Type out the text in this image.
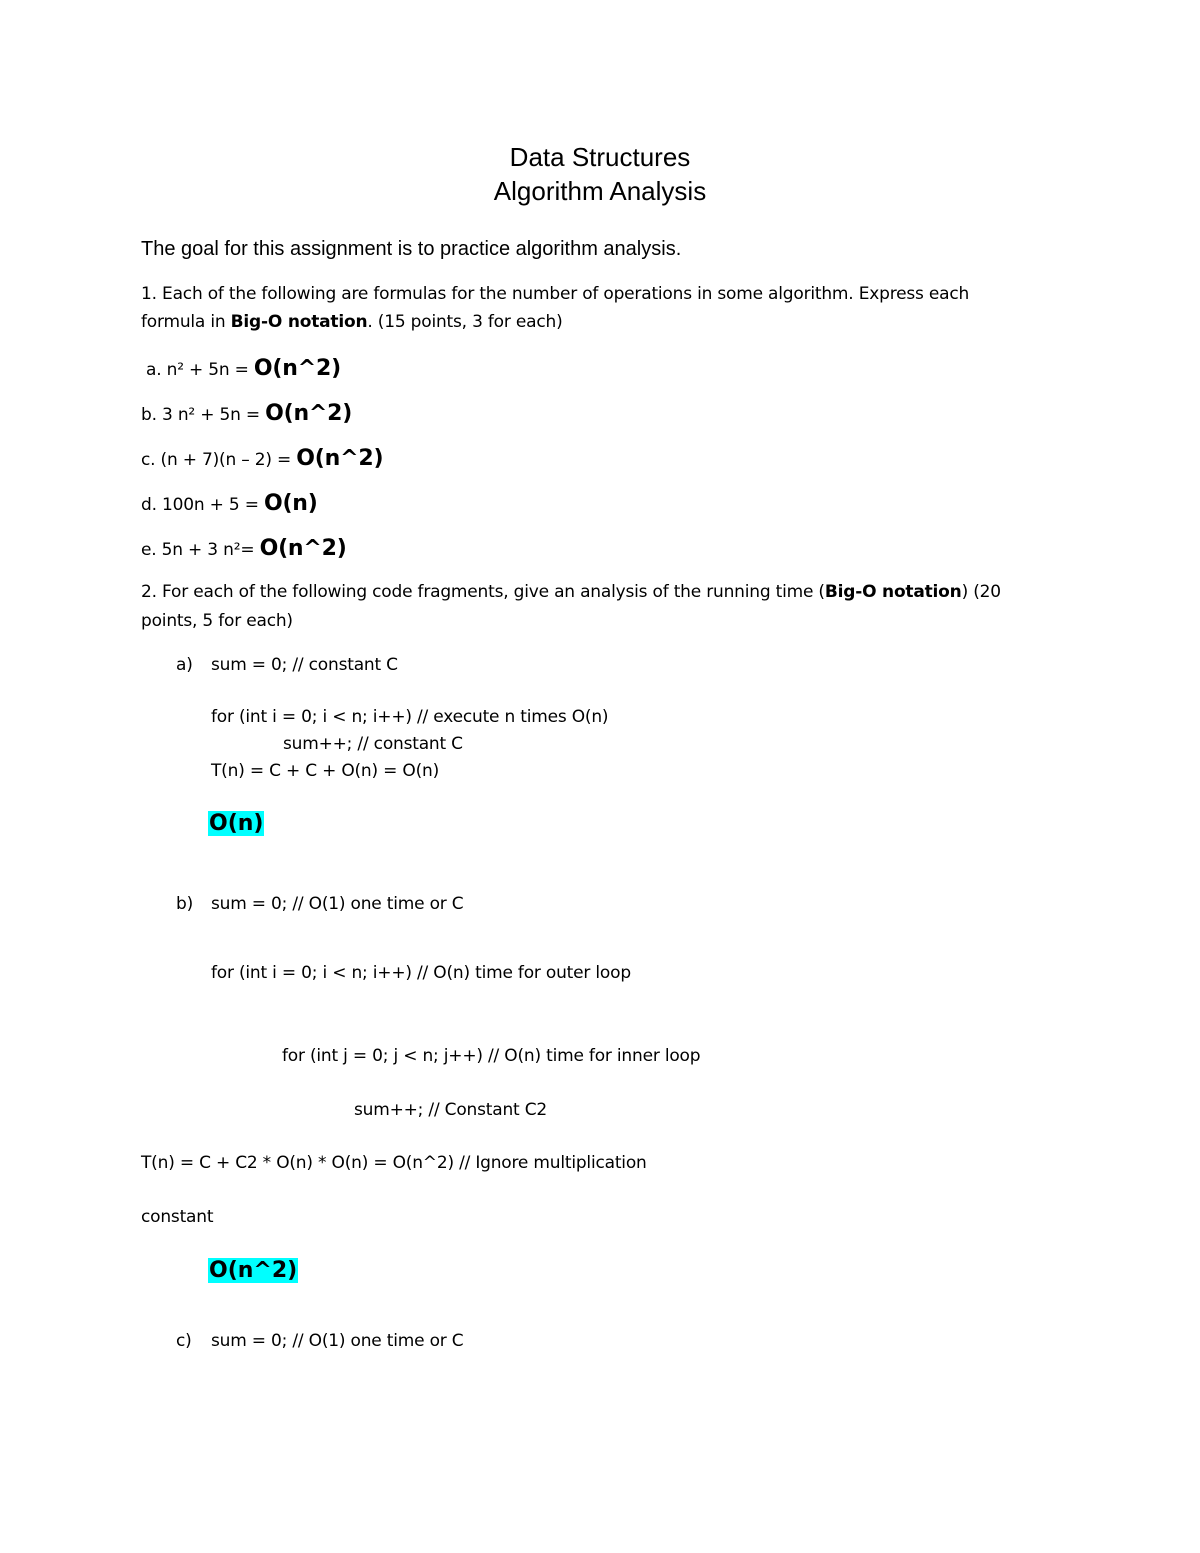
Data Structures
Algorithm Analysis
The goal for this assignment is to practice algorithm analysis.
1. Each of the following are formulas for the number of operations in some algorithm. Express each
formula in Big-O notation. (15 points, 3 for each)
a. n² + 5n = O(n^2)
b. 3 n² + 5n = O(n^2)
c. (n + 7)(n – 2) = O(n^2)
d. 100n + 5 = O(n)
e. 5n + 3 n²= O(n^2)
2. For each of the following code fragments, give an analysis of the running time (Big-O notation) (20
points, 5 for each)
a) sum = 0; // constant C
for (int i = 0; i < n; i++) // execute n times O(n)
sum++; // constant C
T(n) = C + C + O(n) = O(n)
O(n)
b) sum = 0; // O(1) one time or C
for (int i = 0; i < n; i++) // O(n) time for outer loop
for (int j = 0; j < n; j++) // O(n) time for inner loop
sum++; // Constant C2
T(n) = C + C2 * O(n) * O(n) = O(n^2) // Ignore multiplication
constant
O(n^2)
c) sum = 0; // O(1) one time or C
